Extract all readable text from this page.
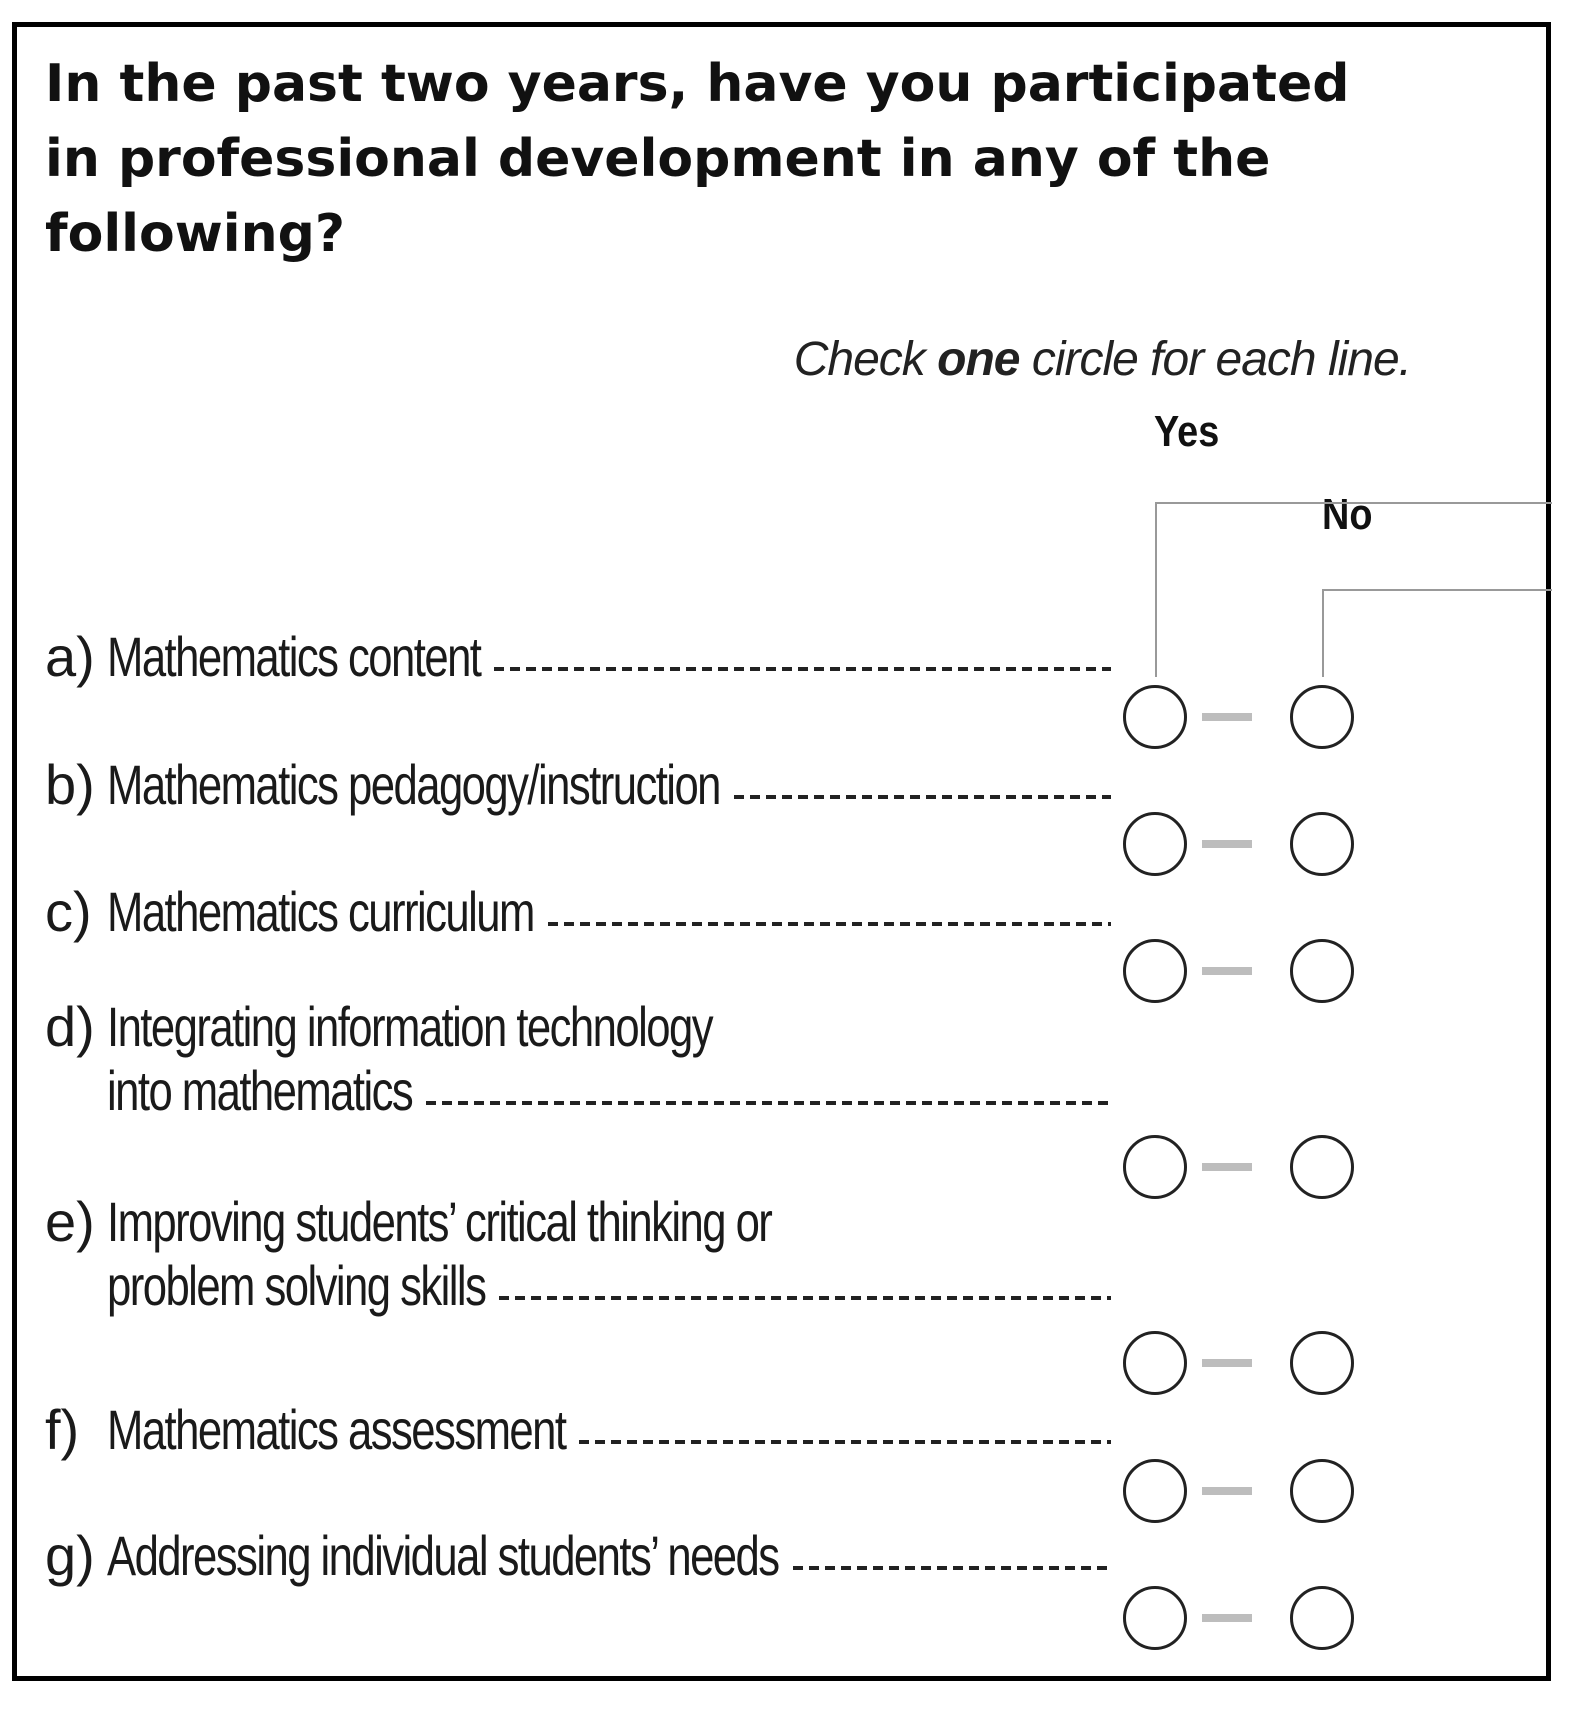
In the past two years, have you participated in professional development in any of the following?

Check one circle for each line.

Yes
No
a) Mathematics content
b) Mathematics pedagogy/instruction
c) Mathematics curriculum
d) Integrating information technology
into mathematics
e) Improving students’ critical thinking or
problem solving skills
f) Mathematics assessment
g) Addressing individual students’ needs
